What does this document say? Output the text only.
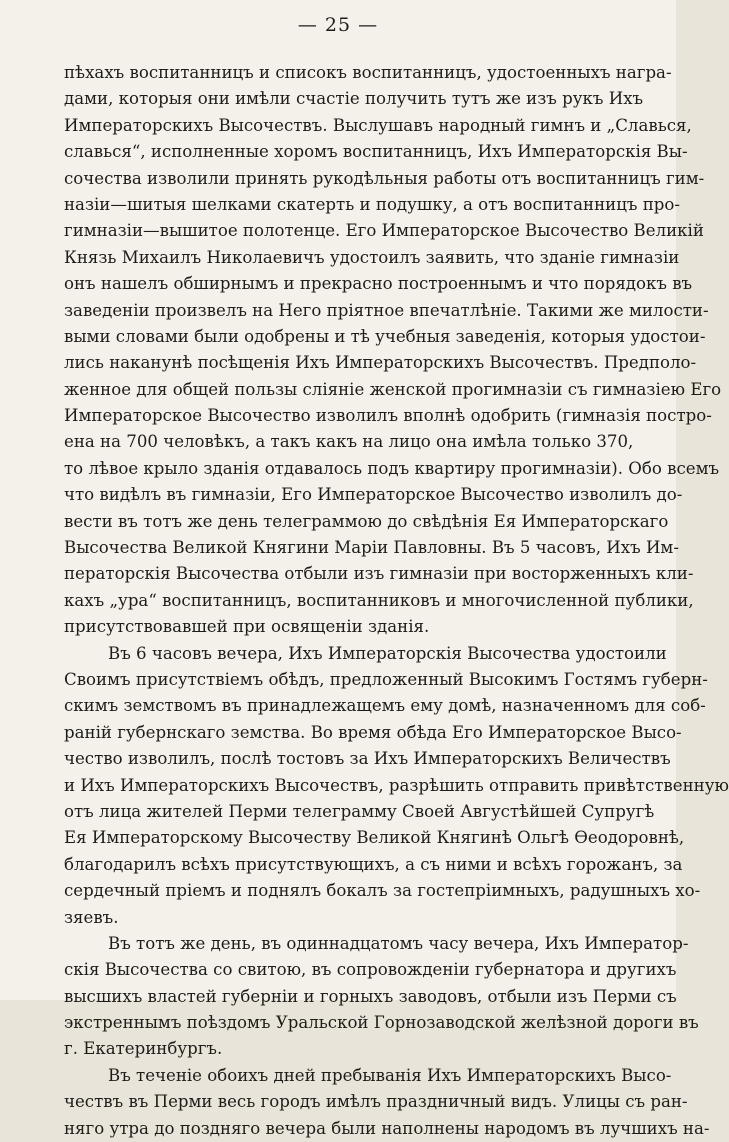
— 25 —
пѣхахъ воспитанницъ и списокъ воспитанницъ, удостоенныхъ награ-
дами, которыя они имѣли счастіе получить тутъ же изъ рукъ Ихъ
Императорскихъ Высочествъ. Выслушавъ народный гимнъ и „Славься,
славься“, исполненные хоромъ воспитанницъ, Ихъ Императорскія Вы-
сочества изволили принять рукодѣльныя работы отъ воспитанницъ гим-
назіи—шитыя шелками скатерть и подушку, а отъ воспитанницъ про-
гимназіи—вышитое полотенце. Его Императорское Высочество Великій
Князь Михаилъ Николаевичъ удостоилъ заявить, что зданіе гимназіи
онъ нашелъ обширнымъ и прекрасно построеннымъ и что порядокъ въ
заведеніи произвелъ на Него пріятное впечатлѣніе. Такими же милости-
выми словами были одобрены и тѣ учебныя заведенія, которыя удостои-
лись наканунѣ посѣщенія Ихъ Императорскихъ Высочествъ. Предполо-
женное для общей пользы сліяніе женской прогимназіи съ гимназіею Его
Императорское Высочество изволилъ вполнѣ одобрить (гимназія постро-
ена на 700 человѣкъ, а такъ какъ на лицо она имѣла только 370,
то лѣвое крыло зданія отдавалось подъ квартиру прогимназіи). Обо всемъ
что видѣлъ въ гимназіи, Его Императорское Высочество изволилъ до-
вести въ тотъ же день телеграммою до свѣдѣнія Ея Императорскаго
Высочества Великой Княгини Маріи Павловны. Въ 5 часовъ, Ихъ Им-
ператорскія Высочества отбыли изъ гимназіи при восторженныхъ кли-
кахъ „ура“ воспитанницъ, воспитанниковъ и многочисленной публики,
присутствовавшей при освященіи зданія.
Въ 6 часовъ вечера, Ихъ Императорскія Высочества удостоили
Своимъ присутствіемъ обѣдъ, предложенный Высокимъ Гостямъ губерн-
скимъ земствомъ въ принадлежащемъ ему домѣ, назначенномъ для соб-
раній губернскаго земства. Во время обѣда Его Императорское Высо-
чество изволилъ, послѣ тостовъ за Ихъ Императорскихъ Величествъ
и Ихъ Императорскихъ Высочествъ, разрѣшить отправить привѣтственную
отъ лица жителей Перми телеграмму Своей Августѣйшей Супругѣ
Ея Императорскому Высочеству Великой Княгинѣ Ольгѣ Ѳеодоровнѣ,
благодарилъ всѣхъ присутствующихъ, а съ ними и всѣхъ горожанъ, за
сердечный пріемъ и поднялъ бокалъ за гостепріимныхъ, радушныхъ хо-
зяевъ.
Въ тотъ же день, въ одиннадцатомъ часу вечера, Ихъ Император-
скія Высочества со свитою, въ сопровожденіи губернатора и другихъ
высшихъ властей губерніи и горныхъ заводовъ, отбыли изъ Перми съ
экстреннымъ поѣздомъ Уральской Горнозаводской желѣзной дороги въ
г. Екатеринбургъ.
Въ теченіе обоихъ дней пребыванія Ихъ Императорскихъ Высо-
чествъ въ Перми весь городъ имѣлъ праздничный видъ. Улицы съ ран-
няго утра до поздняго вечера были наполнены народомъ въ лучшихъ на-
